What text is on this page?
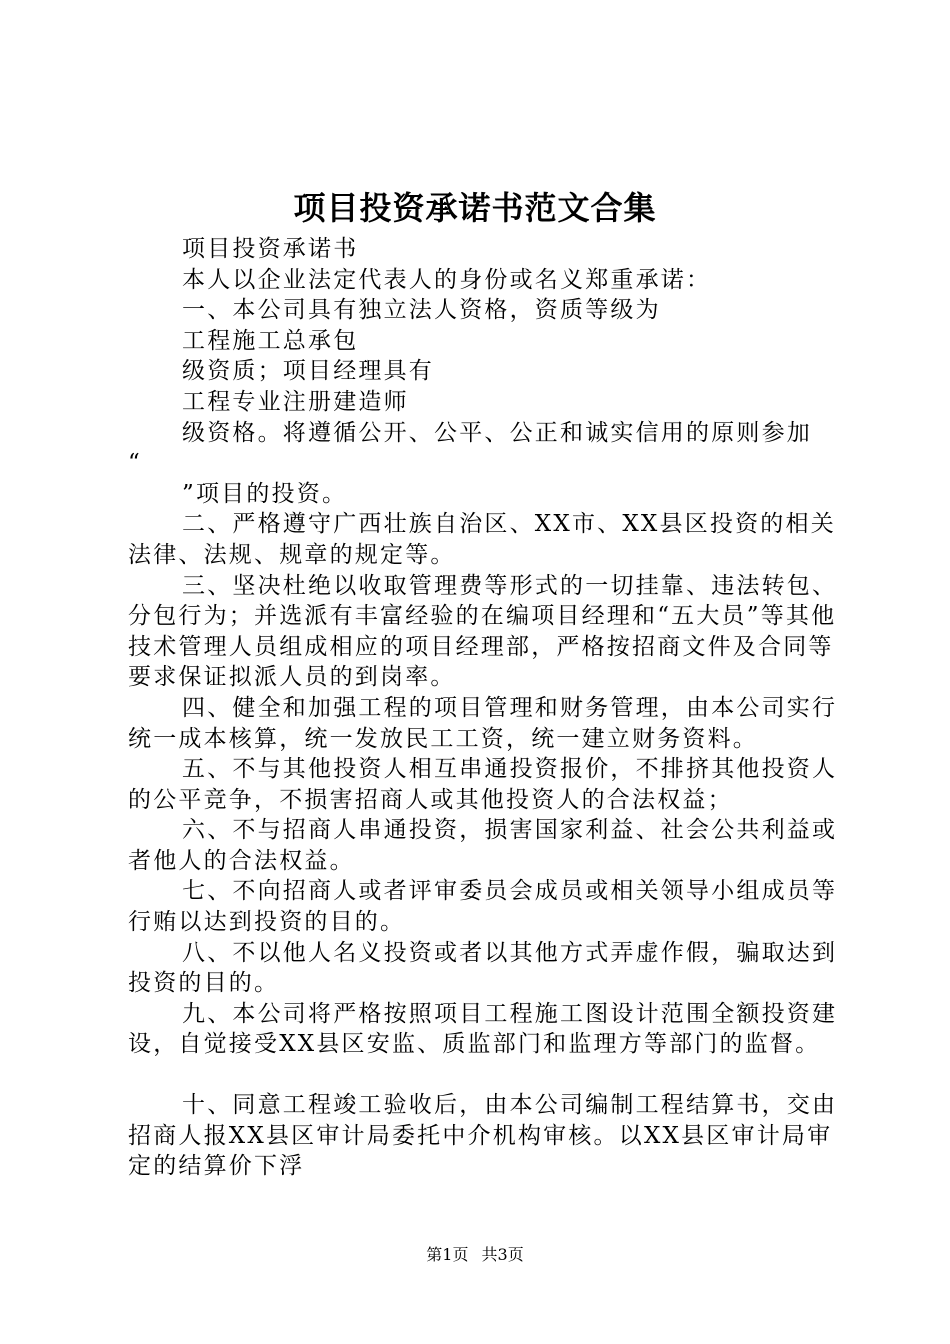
项目投资承诺书范文合集

项目投资承诺书

本人以企业法定代表人的身份或名义郑重承诺：

一、本公司具有独立法人资格，资质等级为

工程施工总承包

级资质；项目经理具有

工程专业注册建造师

级资格。将遵循公开、公平、公正和诚实信用的原则参加

“

”项目的投资。

二、严格遵守广西壮族自治区、XX市、XX县区投资的相关法律、法规、规章的规定等。

三、坚决杜绝以收取管理费等形式的一切挂靠、违法转包、分包行为；并选派有丰富经验的在编项目经理和“五大员”等其他技术管理人员组成相应的项目经理部，严格按招商文件及合同等要求保证拟派人员的到岗率。

四、健全和加强工程的项目管理和财务管理，由本公司实行统一成本核算，统一发放民工工资，统一建立财务资料。

五、不与其他投资人相互串通投资报价，不排挤其他投资人的公平竞争，不损害招商人或其他投资人的合法权益；

六、不与招商人串通投资，损害国家利益、社会公共利益或者他人的合法权益。

七、不向招商人或者评审委员会成员或相关领导小组成员等行贿以达到投资的目的。

八、不以他人名义投资或者以其他方式弄虚作假，骗取达到投资的目的。

九、本公司将严格按照项目工程施工图设计范围全额投资建设，自觉接受XX县区安监、质监部门和监理方等部门的监督。

十、同意工程竣工验收后，由本公司编制工程结算书，交由招商人报XX县区审计局委托中介机构审核。以XX县区审计局审定的结算价下浮

第1页 共3页
